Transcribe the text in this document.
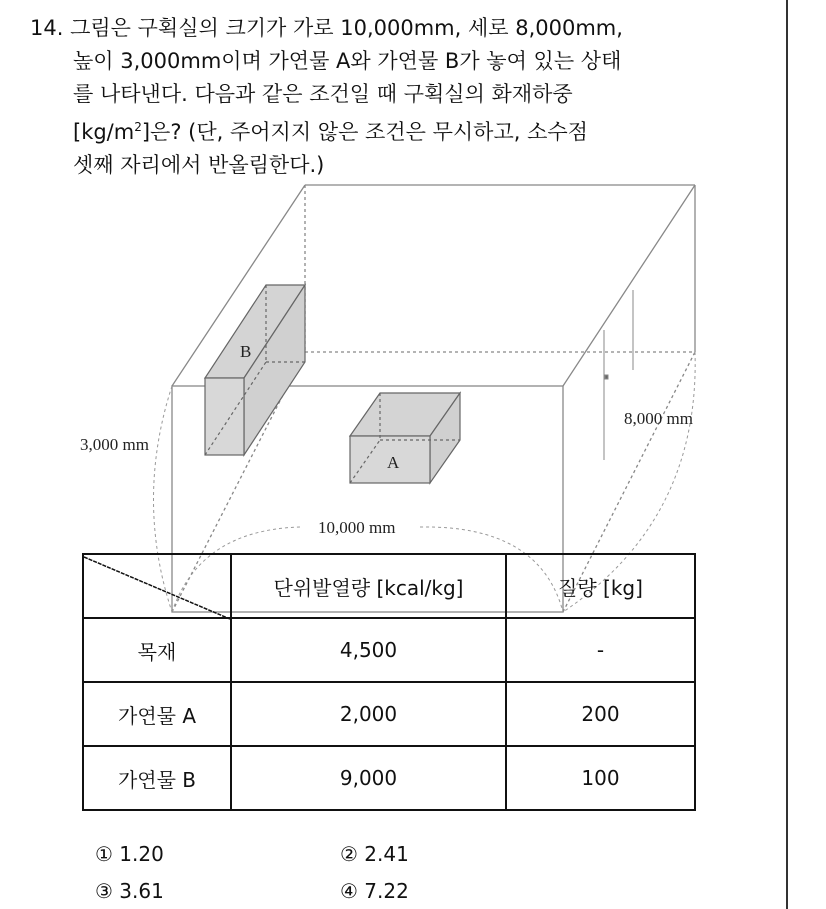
14. 그림은 구획실의 크기가 가로 10,000mm, 세로 8,000mm,
높이 3,000mm이며 가연물 A와 가연물 B가 놓여 있는 상태
를 나타낸다. 다음과 같은 조건일 때 구획실의 화재하중
$[kg/m^2]$은? (단, 주어지지 않은 조건은 무시하고, 소수점
셋째 자리에서 반올림한다.)
B
A
3,000 mm
8,000 mm
10,000 mm
	단위발열량 [kcal/kg]	질량 [kg]
목재	4,500	-
가연물 A	2,000	200
가연물 B	9,000	100
① 1.20	② 2.41
③ 3.61	④ 7.22
